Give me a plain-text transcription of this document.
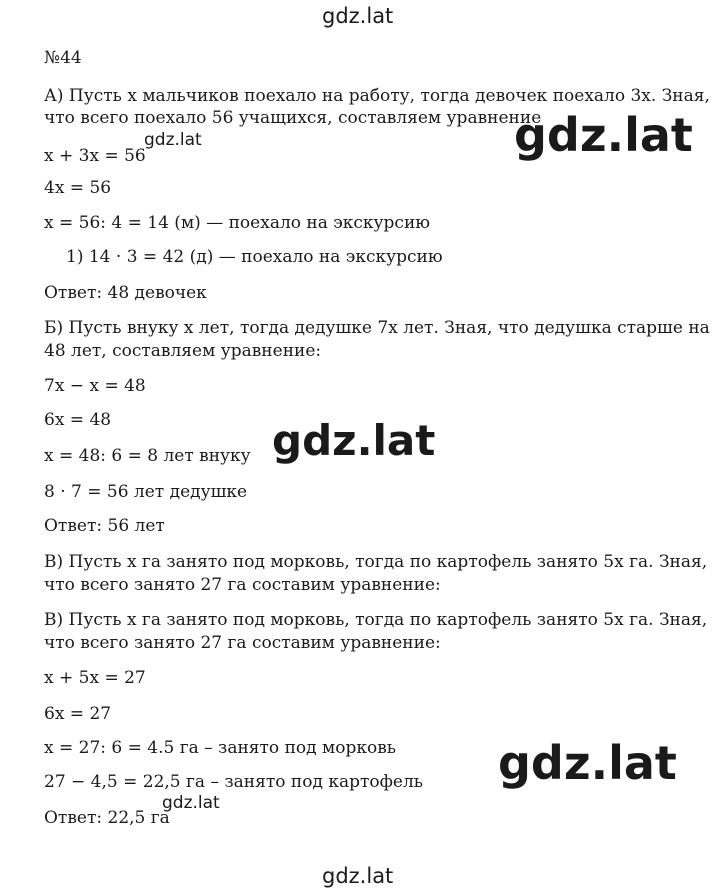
gdz.lat
№44
А) Пусть х мальчиков поехало на работу, тогда девочек поехало 3х. Зная,
что всего поехало 56 учащихся, составляем уравнение
gdz.lat
x + 3x = 56
gdz.lat
4x = 56
x = 56: 4 = 14 (м) — поехало на экскурсию
1) 14 · 3 = 42 (д) — поехало на экскурсию
Ответ: 48 девочек
Б) Пусть внуку х лет, тогда дедушке 7х лет. Зная, что дедушка старше на
48 лет, составляем уравнение:
7x − x = 48
6x = 48	gdz.lat
x = 48: 6 = 8 лет внуку
8 · 7 = 56 лет дедушке
Ответ: 56 лет
В) Пусть х га занято под морковь, тогда по картофель занято 5х га. Зная,
что всего занято 27 га составим уравнение:
В) Пусть х га занято под морковь, тогда по картофель занято 5х га. Зная,
что всего занято 27 га составим уравнение:
x + 5x = 27
6x = 27
x = 27: 6 = 4.5 га – занято под морковь gdz.lat
27 − 4,5 = 22,5 га – занято под картофель
gdz.lat
Ответ: 22,5 га
gdz.lat
